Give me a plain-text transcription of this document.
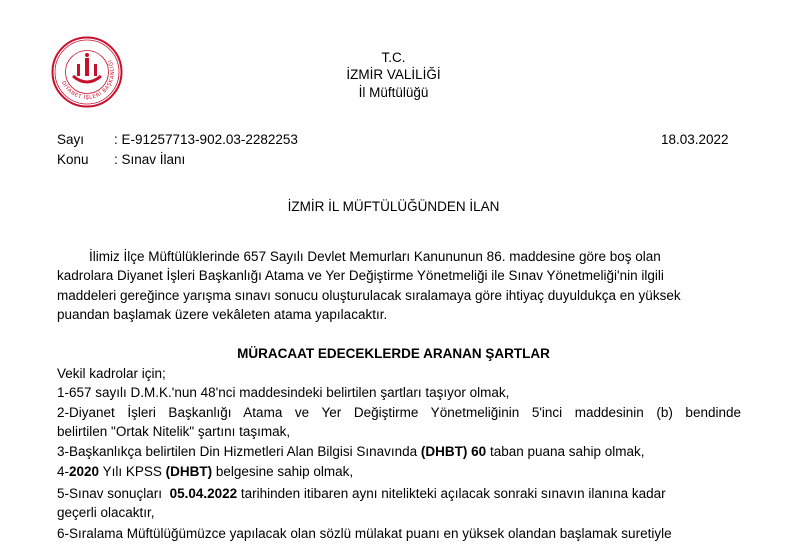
DİYANET İŞLERİ BAŞKANLIĞI	T.C.
İZMİR VALİLİĞİ
İl Müftülüğü
Sayı : E-91257713-902.03-2282253	18.03.2022
Konu : Sınav İlanı
İZMİR İL MÜFTÜLÜĞÜNDEN İLAN
İlimiz İlçe Müftülüklerinde 657 Sayılı Devlet Memurları Kanununun 86. maddesine göre boş olan
kadrolara Diyanet İşleri Başkanlığı Atama ve Yer Değiştirme Yönetmeliği ile Sınav Yönetmeliği'nin ilgili
maddeleri gereğince yarışma sınavı sonucu oluşturulacak sıralamaya göre ihtiyaç duyuldukça en yüksek
puandan başlamak üzere vekâleten atama yapılacaktır.
MÜRACAAT EDECEKLERDE ARANAN ŞARTLAR
Vekil kadrolar için;
1-657 sayılı D.M.K.'nun 48'nci maddesindeki belirtilen şartları taşıyor olmak,
2-Diyanet İşleri Başkanlığı Atama ve Yer Değiştirme Yönetmeliğinin 5'inci maddesinin (b) bendinde
belirtilen "Ortak Nitelik" şartını taşımak,
3-Başkanlıkça belirtilen Din Hizmetleri Alan Bilgisi Sınavında (DHBT) 60 taban puana sahip olmak,
4-2020 Yılı KPSS (DHBT) belgesine sahip olmak,
5-Sınav sonuçları  05.04.2022 tarihinden itibaren aynı nitelikteki açılacak sonraki sınavın ilanına kadar
geçerli olacaktır,
6-Sıralama Müftülüğümüzce yapılacak olan sözlü mülakat puanı en yüksek olandan başlamak suretiyle
